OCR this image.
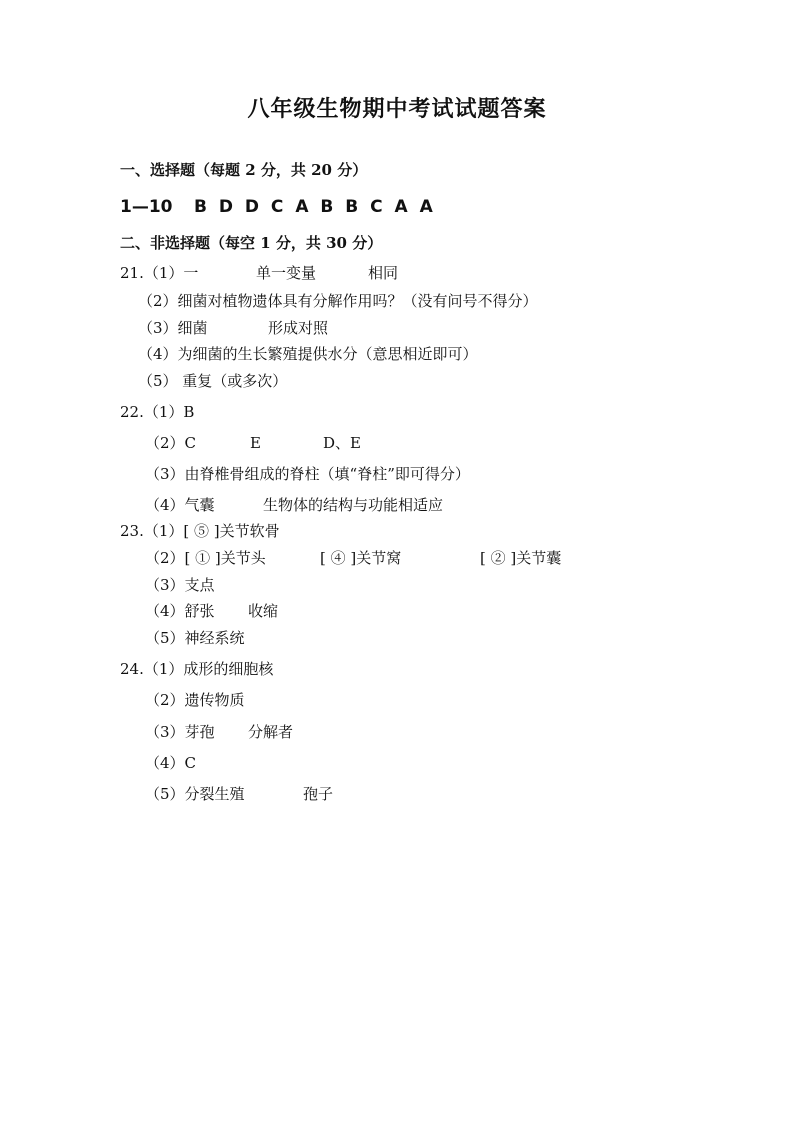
八年级生物期中考试试题答案
一、选择题（每题 2 分，共 20 分）

1—10

B D D C A B B C A A

二、非选择题（每空 1 分，共 30 分）

21.（1）一

	单一变量

	相同

（2）细菌对植物遗体具有分解作用吗？（没有问号不得分）

（3）细菌

	形成对照

（4）为细菌的生长繁殖提供水分（意思相近即可）
（5） 重复（或多次）
22.（1）B

（2）C

	E

	D、E

（3）由脊椎骨组成的脊柱（填“脊柱”即可得分）

（4）气囊

	生物体的结构与功能相适应

23.（1）[ ⑤ ]关节软骨

（2）[ ① ]关节头

	[ ④ ]关节窝

	[ ② ]关节囊

（3）支点

（4）舒张

收缩

（5）神经系统
24.（1）成形的细胞核
（2）遗传物质

（3）芽孢

分解者

（4）C

（5）分裂生殖

	孢子
